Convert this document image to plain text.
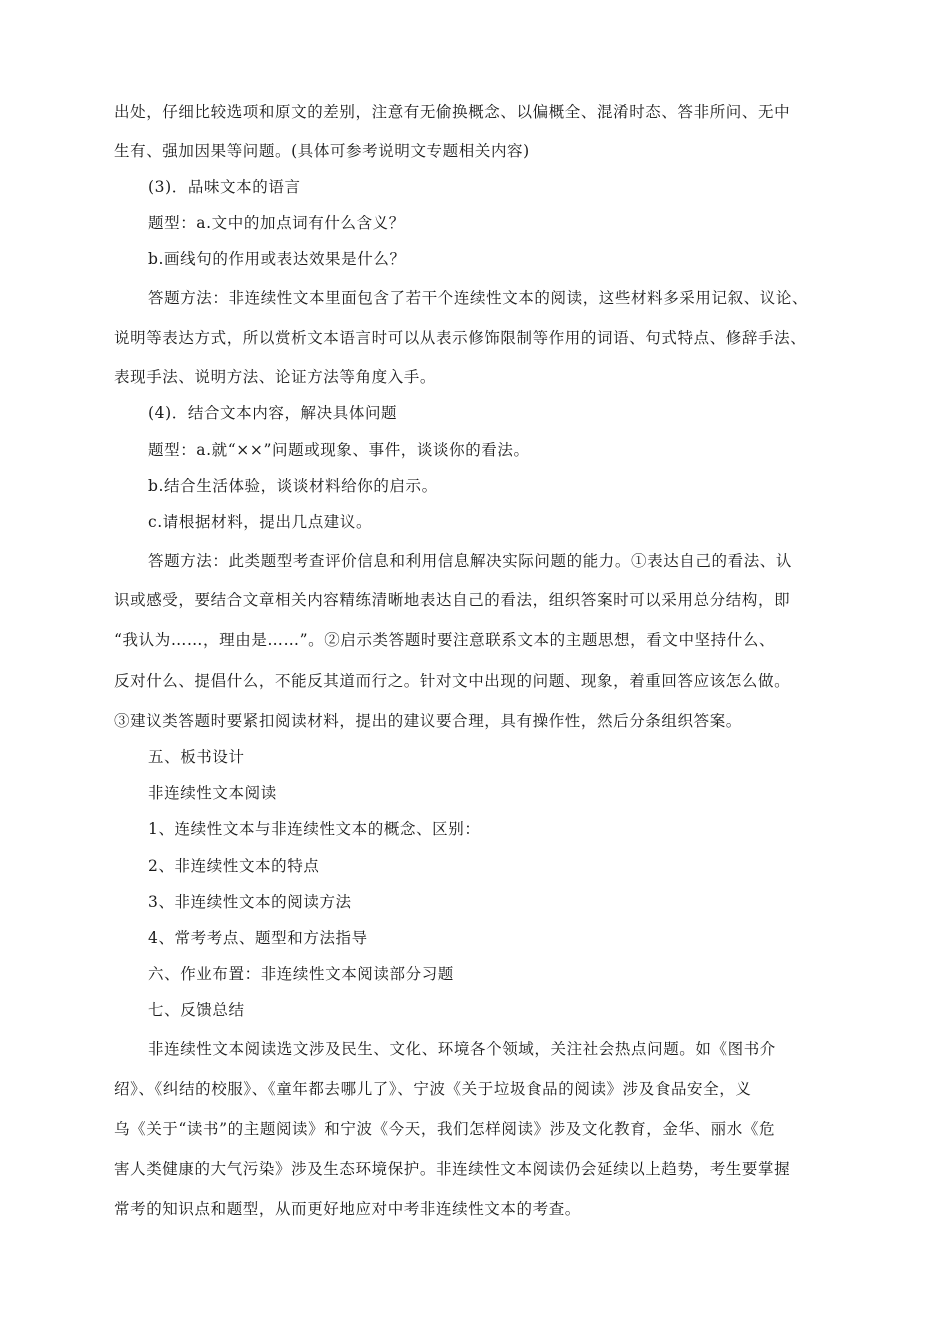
出处，仔细比较选项和原文的差别，注意有无偷换概念、以偏概全、混淆时态、答非所问、无中
生有、强加因果等问题。(具体可参考说明文专题相关内容)
(3)．品味文本的语言
题型：a.文中的加点词有什么含义？
b.画线句的作用或表达效果是什么？
答题方法：非连续性文本里面包含了若干个连续性文本的阅读，这些材料多采用记叙、议论、
说明等表达方式，所以赏析文本语言时可以从表示修饰限制等作用的词语、句式特点、修辞手法、
表现手法、说明方法、论证方法等角度入手。
(4)．结合文本内容，解决具体问题
题型：a.就“××”问题或现象、事件，谈谈你的看法。
b.结合生活体验，谈谈材料给你的启示。
c.请根据材料，提出几点建议。
答题方法：此类题型考查评价信息和利用信息解决实际问题的能力。①表达自己的看法、认
识或感受，要结合文章相关内容精练清晰地表达自己的看法，组织答案时可以采用总分结构，即
“我认为……，理由是……”。②启示类答题时要注意联系文本的主题思想，看文中坚持什么、
反对什么、提倡什么，不能反其道而行之。针对文中出现的问题、现象，着重回答应该怎么做。
③建议类答题时要紧扣阅读材料，提出的建议要合理，具有操作性，然后分条组织答案。
五、板书设计
非连续性文本阅读
1、连续性文本与非连续性文本的概念、区别：
2、非连续性文本的特点
3、非连续性文本的阅读方法
4、常考考点、题型和方法指导
六、作业布置：非连续性文本阅读部分习题
七、反馈总结
非连续性文本阅读选文涉及民生、文化、环境各个领域，关注社会热点问题。如《图书介
绍》、《纠结的校服》、《童年都去哪儿了》、宁波《关于垃圾食品的阅读》涉及食品安全，义
乌《关于“读书”的主题阅读》和宁波《今天，我们怎样阅读》涉及文化教育，金华、丽水《危
害人类健康的大气污染》涉及生态环境保护。非连续性文本阅读仍会延续以上趋势，考生要掌握
常考的知识点和题型，从而更好地应对中考非连续性文本的考查。
